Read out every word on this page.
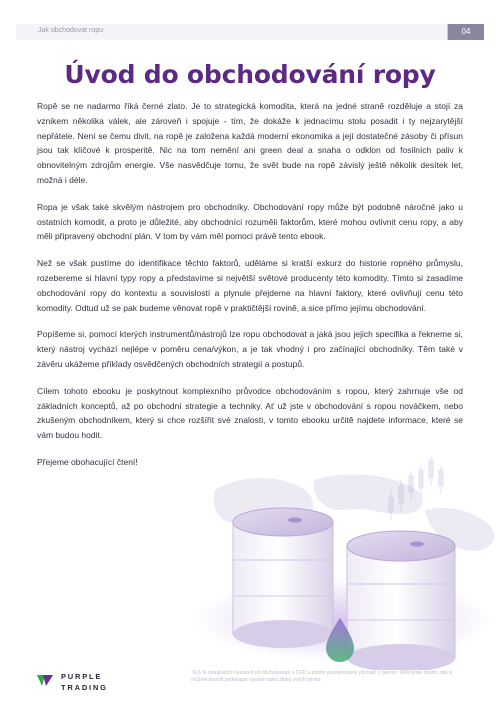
Jak obchodovat ropu	04
Úvod do obchodování ropy

Ropě se ne nadarmo říká černé zlato. Je to strategická komodita, která na jedné straně rozděluje a stojí za vznikem několika válek, ale zároveň i spojuje - tím, že dokáže k jednacímu stolu posadit i ty nejzarytější nepřátele. Není se čemu divit, na ropě je založena každá moderní ekonomika a její dostatečné zásoby či přísun jsou tak klíčové k prosperitě. Nic na tom nemění ani green deal a snaha o odklon od fosilních paliv k obnovitelným zdrojům energie. Vše nasvědčuje tomu, že svět bude na ropě závislý ještě několik desítek let, možná i déle.

Ropa je však také skvělým nástrojem pro obchodníky. Obchodování ropy může být podobně náročné jako u ostatních komodit, a proto je důležité, aby obchodníci rozuměli faktorům, které mohou ovlivnit cenu ropy, a aby měli připravený obchodní plán. V tom by vám měl pomoci právě tento ebook.

Než se však pustíme do identifikace těchto faktorů, uděláme si kratší exkurz do historie ropného průmyslu, rozebereme si hlavní typy ropy a představíme si největší světové producenty této komodity. Tímto si zasadíme obchodování ropy do kontextu a souvislostí a plynule přejdeme na hlavní faktory, které ovlivňují cenu této komodity. Odtud už se pak budeme věnovat ropě v praktičtější rovině, a sice přímo jejímu obchodování.

Popíšeme si, pomocí kterých instrumentů/nástrojů lze ropu obchodovat a jaká jsou jejich specifika a řekneme si, který nástroj vychází nejlépe v poměru cena/výkon, a je tak vhodný i pro začínající obchodníky. Těm také v závěru ukážeme příklady osvědčených obchodních strategií a postupů.

Cílem tohoto ebooku je poskytnout komplexního průvodce obchodováním s ropou, který zahrnuje vše od základních konceptů, až po obchodní strategie a techniky. Ať už jste v obchodování s ropou nováčkem, nebo zkušeným obchodníkem, který si chce rozšířit své znalosti, v tomto ebooku určitě najdete informace, které se vám budou hodit.

Přejeme obohacující čtení!

PURPLE
TRADING
76,6 % retailových investorů při obchodování s CFD u tohoto poskytovatele přichází o peníze. Měli byste zvážit, zda si můžete dovolit podstoupit vysoké riziko ztráty svých peněz.
